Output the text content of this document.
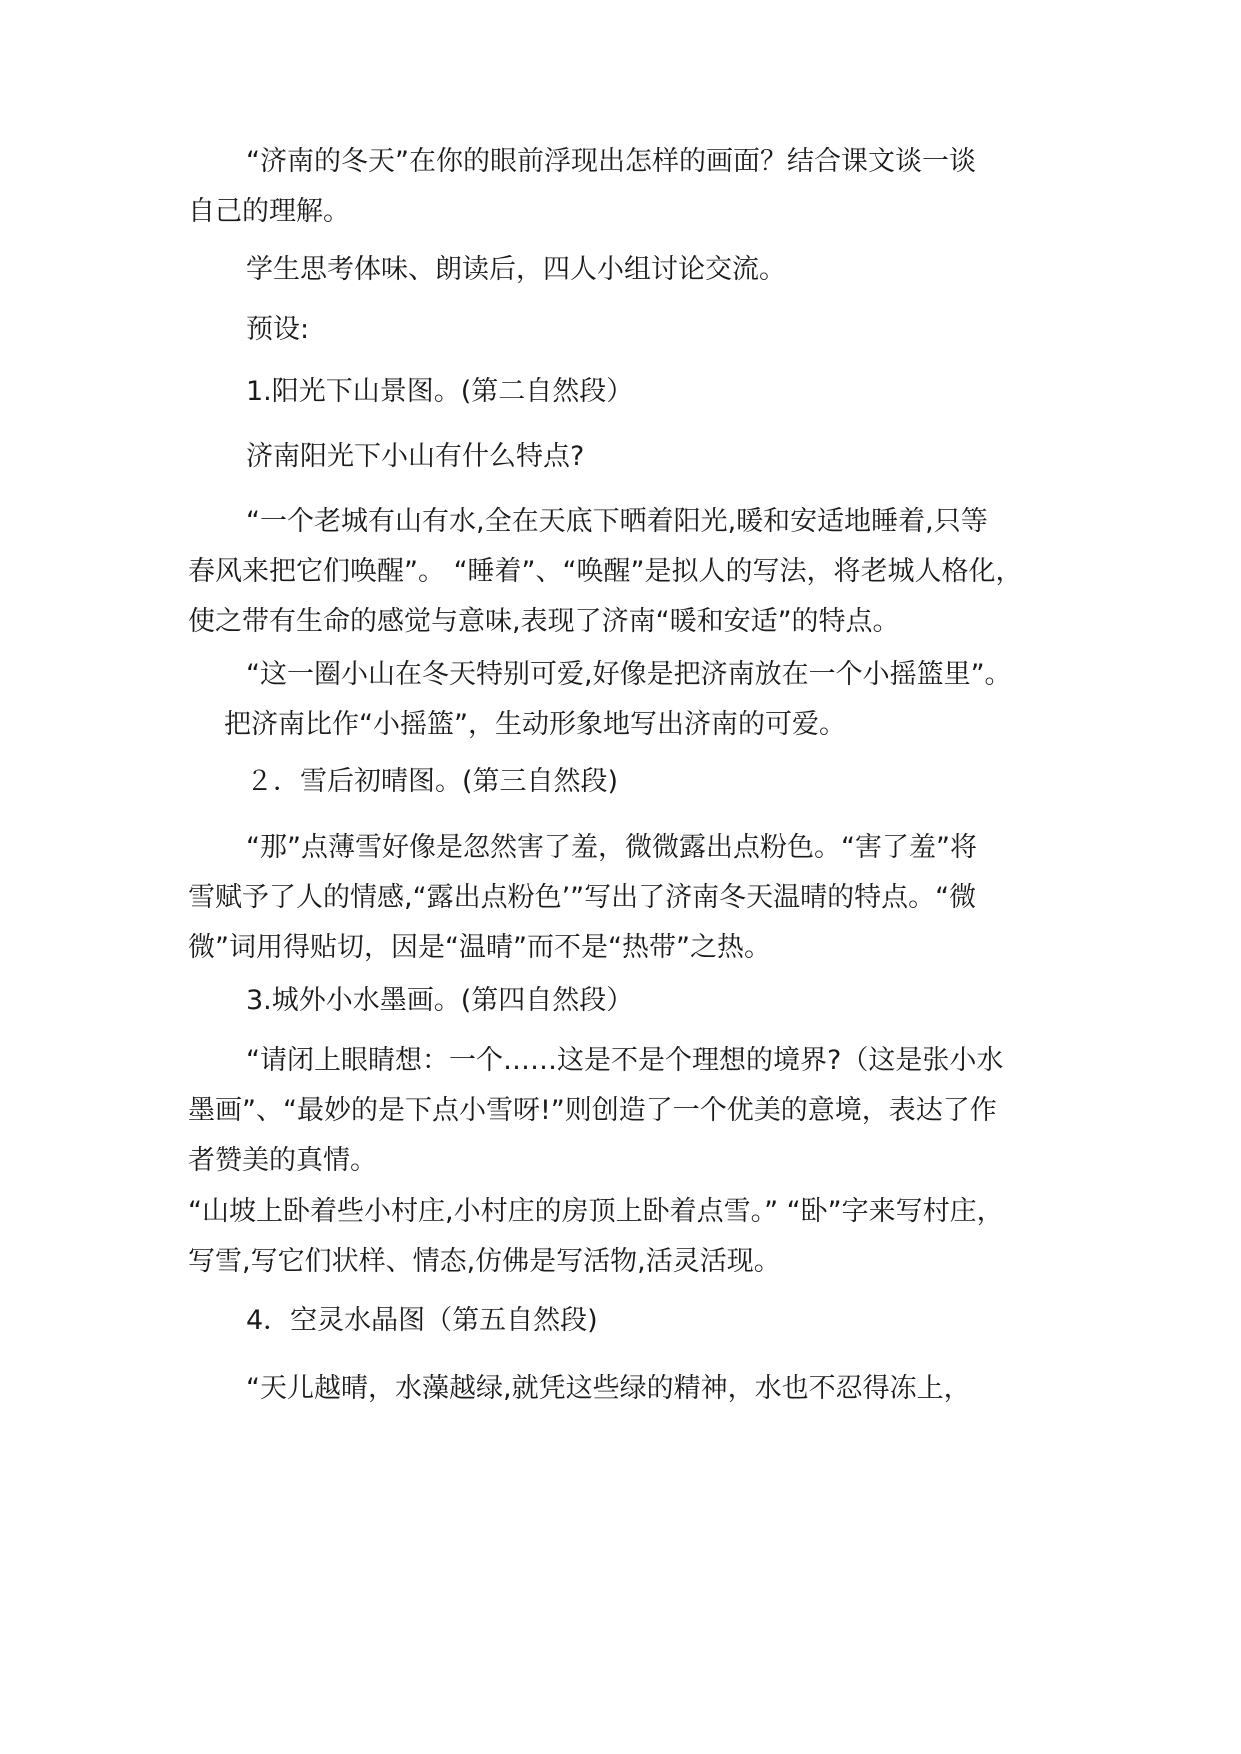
“济南的冬天”在你的眼前浮现出怎样的画面？结合课文谈一谈
自己的理解。
学生思考体味、朗读后，四人小组讨论交流。
预设:
1.阳光下山景图。(第二自然段）
济南阳光下小山有什么特点?
“一个老城有山有水,全在天底下晒着阳光,暖和安适地睡着,只等
春风来把它们唤醒”。 “睡着”、“唤醒”是拟人的写法，将老城人格化，
使之带有生命的感觉与意味,表现了济南“暖和安适”的特点。
“这一圈小山在冬天特别可爱,好像是把济南放在一个小摇篮里”。
把济南比作“小摇篮”，生动形象地写出济南的可爱。
２．雪后初晴图。(第三自然段)
“那”点薄雪好像是忽然害了羞，微微露出点粉色。“害了羞”将
雪赋予了人的情感,“露出点粉色’”写出了济南冬天温晴的特点。“微
微”词用得贴切，因是“温晴”而不是“热带”之热。
3.城外小水墨画。(第四自然段）
“请闭上眼睛想：一个……这是不是个理想的境界?（这是张小水
墨画”、“最妙的是下点小雪呀!”则创造了一个优美的意境，表达了作
者赞美的真情。
“山坡上卧着些小村庄,小村庄的房顶上卧着点雪。” “卧”字来写村庄，
写雪,写它们状样、情态,仿佛是写活物,活灵活现。
4．空灵水晶图（第五自然段)
“天儿越晴，水藻越绿,就凭这些绿的精神，水也不忍得冻上，
